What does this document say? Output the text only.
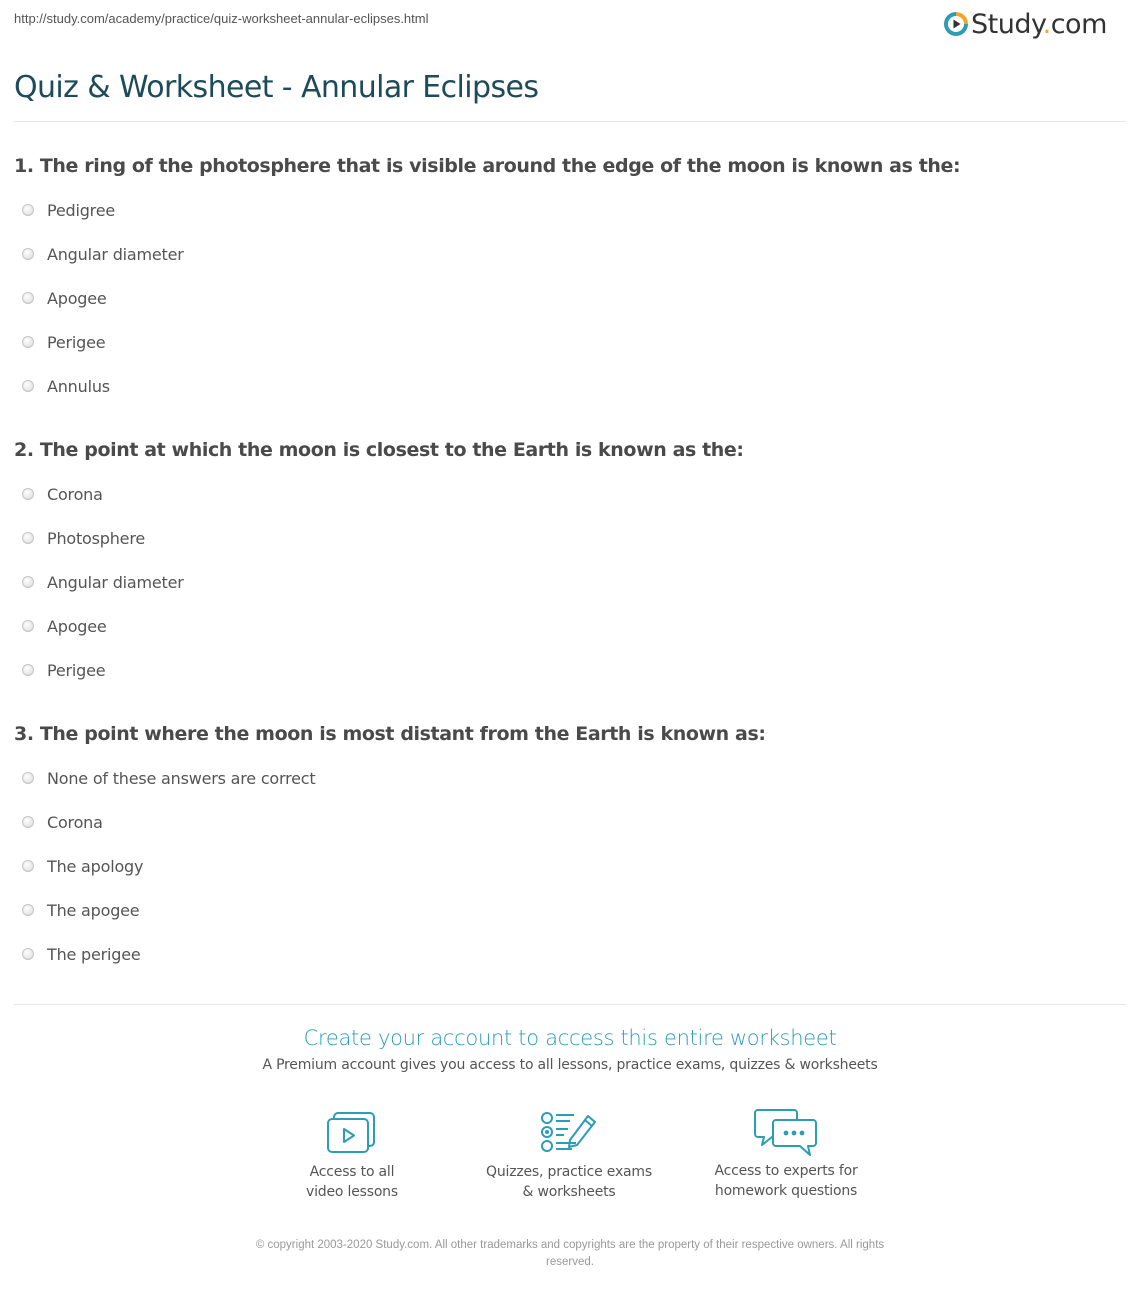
http://study.com/academy/practice/quiz-worksheet-annular-eclipses.html	Study.com
Quiz & Worksheet - Annular Eclipses
1. The ring of the photosphere that is visible around the edge of the moon is known as the:
Pedigree
Angular diameter
Apogee
Perigee
Annulus
2. The point at which the moon is closest to the Earth is known as the:
Corona
Photosphere
Angular diameter
Apogee
Perigee
3. The point where the moon is most distant from the Earth is known as:
None of these answers are correct
Corona
The apology
The apogee
The perigee
Create your account to access this entire worksheet
A Premium account gives you access to all lessons, practice exams, quizzes & worksheets
Access to all
video lessons
Quizzes, practice exams
& worksheets
Access to experts for
homework questions
© copyright 2003-2020 Study.com. All other trademarks and copyrights are the property of their respective owners. All rights
reserved.
